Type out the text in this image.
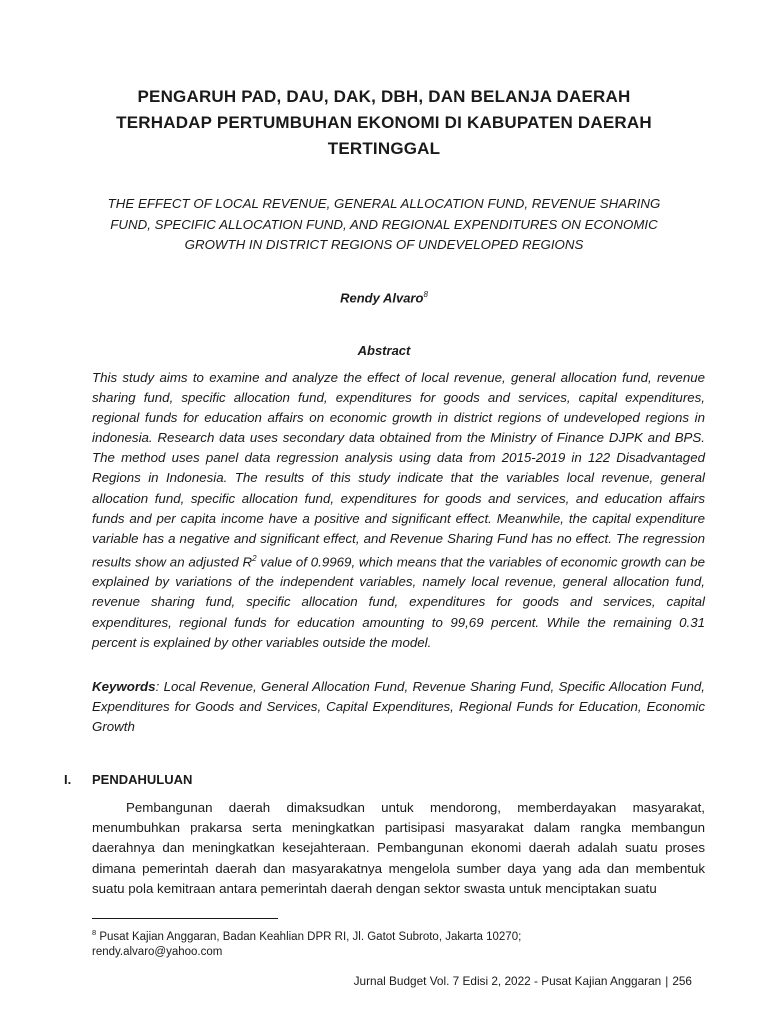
PENGARUH PAD, DAU, DAK, DBH, DAN BELANJA DAERAH TERHADAP PERTUMBUHAN EKONOMI DI KABUPATEN DAERAH TERTINGGAL
THE EFFECT OF LOCAL REVENUE, GENERAL ALLOCATION FUND, REVENUE SHARING FUND, SPECIFIC ALLOCATION FUND, AND REGIONAL EXPENDITURES ON ECONOMIC GROWTH IN DISTRICT REGIONS OF UNDEVELOPED REGIONS
Rendy Alvaro$^8$
Abstract
This study aims to examine and analyze the effect of local revenue, general allocation fund, revenue sharing fund, specific allocation fund, expenditures for goods and services, capital expenditures, regional funds for education affairs on economic growth in district regions of undeveloped regions in indonesia. Research data uses secondary data obtained from the Ministry of Finance DJPK and BPS. The method uses panel data regression analysis using data from 2015-2019 in 122 Disadvantaged Regions in Indonesia. The results of this study indicate that the variables local revenue, general allocation fund, specific allocation fund, expenditures for goods and services, and education affairs funds and per capita income have a positive and significant effect. Meanwhile, the capital expenditure variable has a negative and significant effect, and Revenue Sharing Fund has no effect. The regression results show an adjusted $R^2$ value of 0.9969, which means that the variables of economic growth can be explained by variations of the independent variables, namely local revenue, general allocation fund, revenue sharing fund, specific allocation fund, expenditures for goods and services, capital expenditures, regional funds for education amounting to 99,69 percent. While the remaining 0.31 percent is explained by other variables outside the model.
Keywords: Local Revenue, General Allocation Fund, Revenue Sharing Fund, Specific Allocation Fund, Expenditures for Goods and Services, Capital Expenditures, Regional Funds for Education, Economic Growth
I. PENDAHULUAN
Pembangunan daerah dimaksudkan untuk mendorong, memberdayakan masyarakat, menumbuhkan prakarsa serta meningkatkan partisipasi masyarakat dalam rangka membangun daerahnya dan meningkatkan kesejahteraan. Pembangunan ekonomi daerah adalah suatu proses dimana pemerintah daerah dan masyarakatnya mengelola sumber daya yang ada dan membentuk suatu pola kemitraan antara pemerintah daerah dengan sektor swasta untuk menciptakan suatu
$^8$ Pusat Kajian Anggaran, Badan Keahlian DPR RI, Jl. Gatot Subroto, Jakarta 10270;
rendy.alvaro@yahoo.com
Jurnal Budget Vol. 7 Edisi 2, 2022 - Pusat Kajian Anggaran | 256
